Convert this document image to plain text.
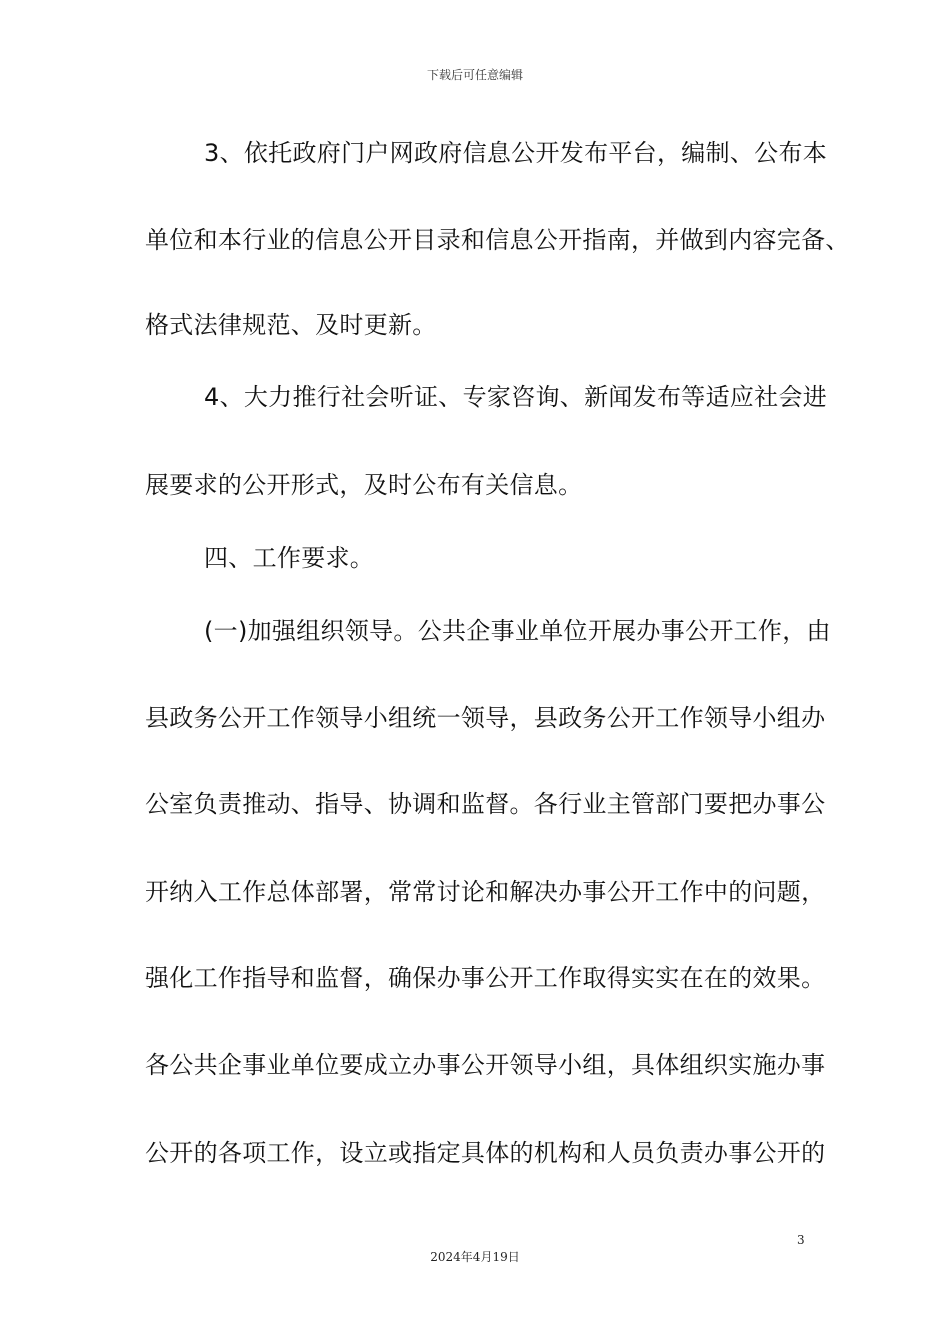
下载后可任意编辑
3、依托政府门户网政府信息公开发布平台，编制、公布本
单位和本行业的信息公开目录和信息公开指南，并做到内容完备、
格式法律规范、及时更新。
4、大力推行社会听证、专家咨询、新闻发布等适应社会进
展要求的公开形式，及时公布有关信息。
四、工作要求。
(一)加强组织领导。公共企事业单位开展办事公开工作，由
县政务公开工作领导小组统一领导，县政务公开工作领导小组办
公室负责推动、指导、协调和监督。各行业主管部门要把办事公
开纳入工作总体部署，常常讨论和解决办事公开工作中的问题，
强化工作指导和监督，确保办事公开工作取得实实在在的效果。
各公共企事业单位要成立办事公开领导小组，具体组织实施办事
公开的各项工作，设立或指定具体的机构和人员负责办事公开的
3
2024年4月19日
